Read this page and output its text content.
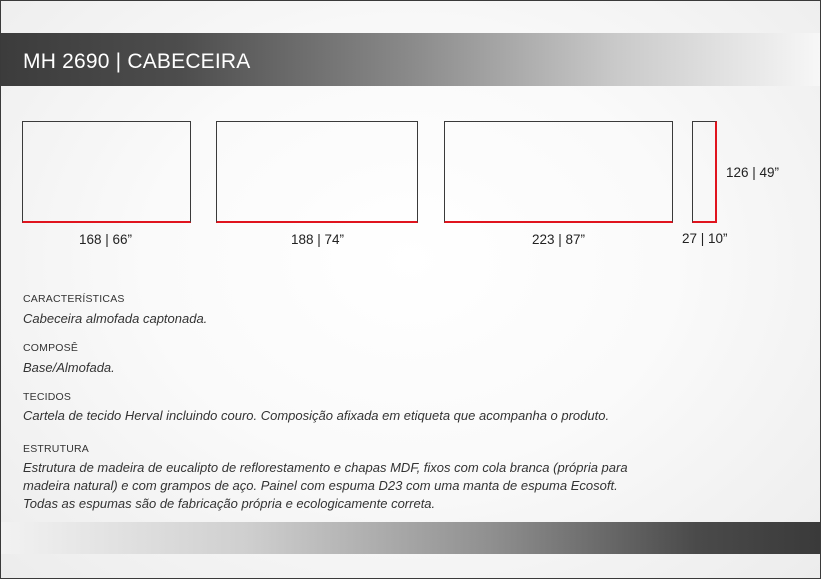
MH 2690 | CABECEIRA
168 | 66”	188 | 74”	223 | 87”
126 | 49”
27 | 10”
CARACTERÍSTICAS
Cabeceira almofada captonada.
COMPOSÊ
Base/Almofada.
TECIDOS
Cartela de tecido Herval incluindo couro. Composição afixada em etiqueta que acompanha o produto.
ESTRUTURA
Estrutura de madeira de eucalipto de reflorestamento e chapas MDF, fixos com cola branca (própria para
madeira natural) e com grampos de aço. Painel com espuma D23 com uma manta de espuma Ecosoft.
Todas as espumas são de fabricação própria e ecologicamente correta.
